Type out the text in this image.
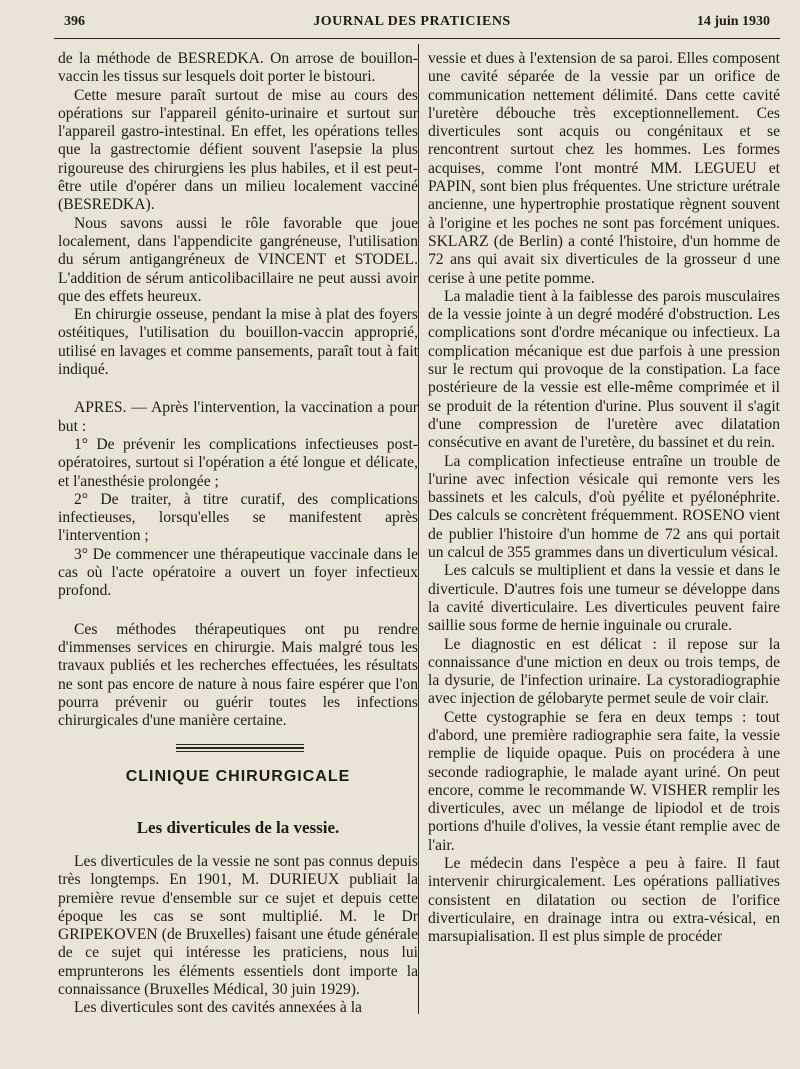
396	JOURNAL DES PRATICIENS	14 juin 1930

de la méthode de BESREDKA. On arrose de bouillon-vaccin les tissus sur lesquels doit porter le bistouri.

Cette mesure paraît surtout de mise au cours des opérations sur l'appareil génito-urinaire et surtout sur l'appareil gastro-intestinal. En effet, les opérations telles que la gastrectomie défient souvent l'asepsie la plus rigoureuse des chirurgiens les plus habiles, et il est peut-être utile d'opérer dans un milieu localement vacciné (BESREDKA).

Nous savons aussi le rôle favorable que joue localement, dans l'appendicite gangréneuse, l'utilisation du sérum antigangréneux de VINCENT et STODEL. L'addition de sérum anticolibacillaire ne peut aussi avoir que des effets heureux.

En chirurgie osseuse, pendant la mise à plat des foyers ostéitiques, l'utilisation du bouillon-vaccin approprié, utilisé en lavages et comme pansements, paraît tout à fait indiqué.

APRES. — Après l'intervention, la vaccination a pour but :

1° De prévenir les complications infectieuses post-opératoires, surtout si l'opération a été longue et délicate, et l'anesthésie prolongée ;

2° De traiter, à titre curatif, des complications infectieuses, lorsqu'elles se manifestent après l'intervention ;

3° De commencer une thérapeutique vaccinale dans le cas où l'acte opératoire a ouvert un foyer infectieux profond.

Ces méthodes thérapeutiques ont pu rendre d'immenses services en chirurgie. Mais malgré tous les travaux publiés et les recherches effectuées, les résultats ne sont pas encore de nature à nous faire espérer que l'on pourra prévenir ou guérir toutes les infections chirurgicales d'une manière certaine.

CLINIQUE CHIRURGICALE
Les diverticules de la vessie.

Les diverticules de la vessie ne sont pas connus depuis très longtemps. En 1901, M. DURIEUX publiait la première revue d'ensemble sur ce sujet et depuis cette époque les cas se sont multiplié. M. le Dr GRIPEKOVEN (de Bruxelles) faisant une étude générale de ce sujet qui intéresse les praticiens, nous lui emprunterons les éléments essentiels dont importe la connaissance (Bruxelles Médical, 30 juin 1929).

Les diverticules sont des cavités annexées à la

vessie et dues à l'extension de sa paroi. Elles composent une cavité séparée de la vessie par un orifice de communication nettement délimité. Dans cette cavité l'uretère débouche très exceptionnellement. Ces diverticules sont acquis ou congénitaux et se rencontrent surtout chez les hommes. Les formes acquises, comme l'ont montré MM. LEGUEU et PAPIN, sont bien plus fréquentes. Une stricture urétrale ancienne, une hypertrophie prostatique règnent souvent à l'origine et les poches ne sont pas forcément uniques. SKLARZ (de Berlin) a conté l'histoire, d'un homme de 72 ans qui avait six diverticules de la grosseur d une cerise à une petite pomme.

La maladie tient à la faiblesse des parois musculaires de la vessie jointe à un degré modéré d'obstruction. Les complications sont d'ordre mécanique ou infectieux. La complication mécanique est due parfois à une pression sur le rectum qui provoque de la constipation. La face postérieure de la vessie est elle-même comprimée et il se produit de la rétention d'urine. Plus souvent il s'agit d'une compression de l'uretère avec dilatation consécutive en avant de l'uretère, du bassinet et du rein.

La complication infectieuse entraîne un trouble de l'urine avec infection vésicale qui remonte vers les bassinets et les calculs, d'où pyélite et pyélonéphrite. Des calculs se concrètent fréquemment. ROSENO vient de publier l'histoire d'un homme de 72 ans qui portait un calcul de 355 grammes dans un diverticulum vésical.

Les calculs se multiplient et dans la vessie et dans le diverticule. D'autres fois une tumeur se développe dans la cavité diverticulaire. Les diverticules peuvent faire saillie sous forme de hernie inguinale ou crurale.

Le diagnostic en est délicat : il repose sur la connaissance d'une miction en deux ou trois temps, de la dysurie, de l'infection urinaire. La cystoradiographie avec injection de gélobaryte permet seule de voir clair.

Cette cystographie se fera en deux temps : tout d'abord, une première radiographie sera faite, la vessie remplie de liquide opaque. Puis on procédera à une seconde radiographie, le malade ayant uriné. On peut encore, comme le recommande W. VISHER remplir les diverticules, avec un mélange de lipiodol et de trois portions d'huile d'olives, la vessie étant remplie avec de l'air.

Le médecin dans l'espèce a peu à faire. Il faut intervenir chirurgicalement. Les opérations palliatives consistent en dilatation ou section de l'orifice diverticulaire, en drainage intra ou extra-vésical, en marsupialisation. Il est plus simple de procéder
